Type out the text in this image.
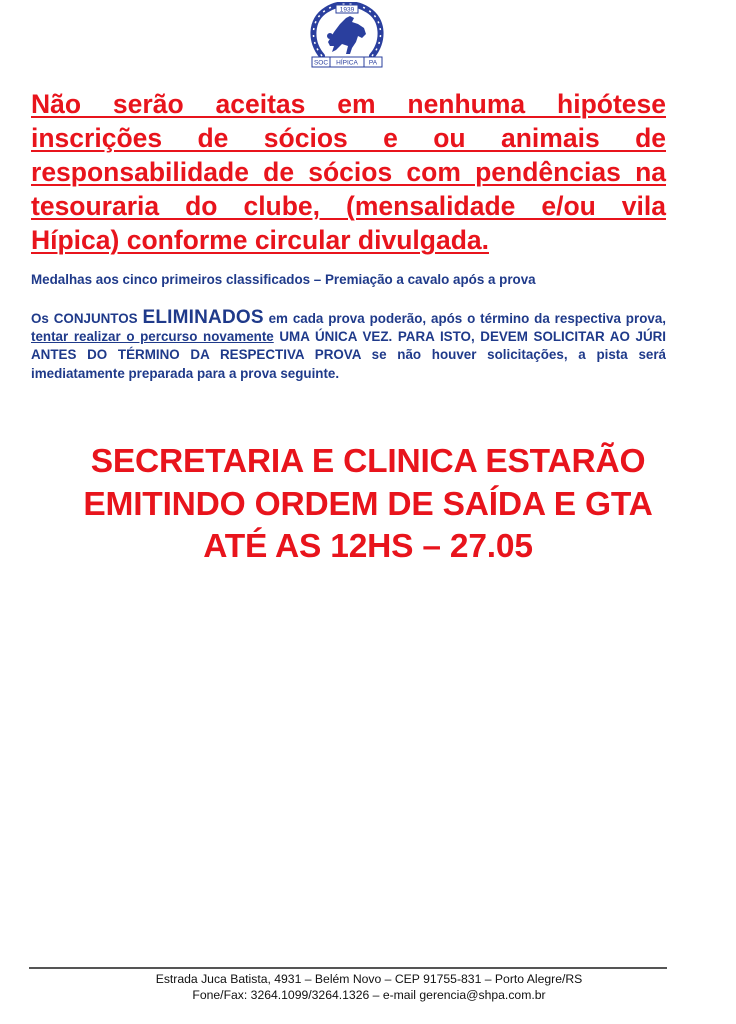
1939
SOC HÍPICA PA

Não serão aceitas em nenhuma hipótese inscrições de sócios e ou animais de responsabilidade de sócios com pendências na tesouraria do clube, (mensalidade e/ou vila Hípica) conforme circular divulgada.

Medalhas aos cinco primeiros classificados – Premiação a cavalo após a prova

Os CONJUNTOS ELIMINADOS em cada prova poderão, após o término da respectiva prova, tentar realizar o percurso novamente UMA ÚNICA VEZ. PARA ISTO, DEVEM SOLICITAR AO JÚRI ANTES DO TÉRMINO DA RESPECTIVA PROVA se não houver solicitações, a pista será imediatamente preparada para a prova seguinte.

SECRETARIA E CLINICA ESTARÃO
EMITINDO ORDEM DE SAÍDA E GTA
ATÉ AS 12HS – 27.05
Estrada Juca Batista, 4931 – Belém Novo – CEP 91755-831 – Porto Alegre/RS
Fone/Fax: 3264.1099/3264.1326 – e-mail gerencia@shpa.com.br
